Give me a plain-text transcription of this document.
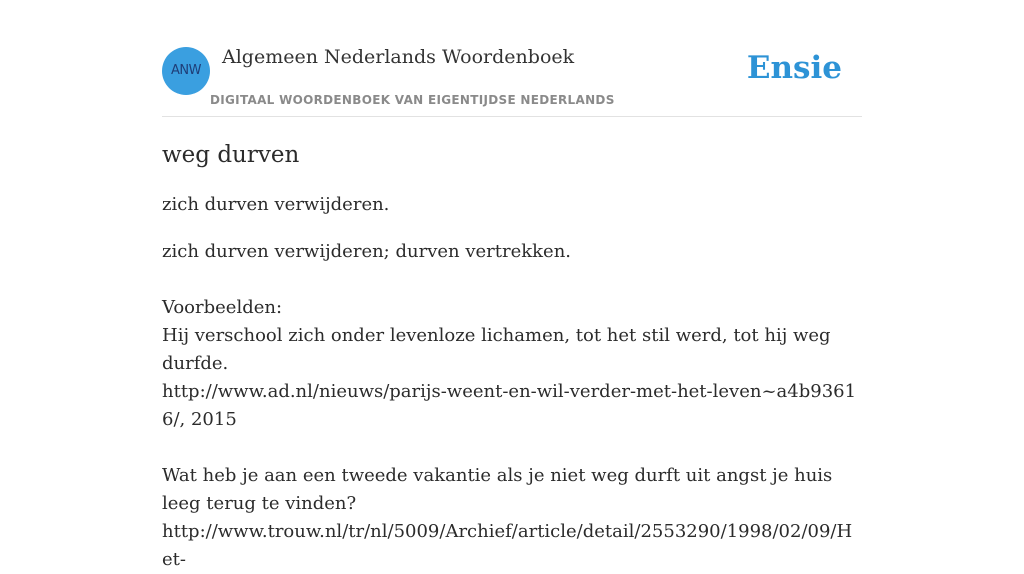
ANW
Algemeen Nederlands Woordenboek
DIGITAAL WOORDENBOEK VAN EIGENTIJDSE NEDERLANDS
Ensie
weg durven

zich durven verwijderen.

zich durven verwijderen; durven vertrekken.

Voorbeelden:

Hij verschool zich onder levenloze lichamen, tot het stil werd, tot hij weg durfde.

http://www.ad.nl/nieuws/parijs-weent-en-wil-verder-met-het-leven~a4b93616/, 2015

Wat heb je aan een tweede vakantie als je niet weg durft uit angst je huis leeg terug te vinden?

http://www.trouw.nl/tr/nl/5009/Archief/article/detail/2553290/1998/02/09/Het-
